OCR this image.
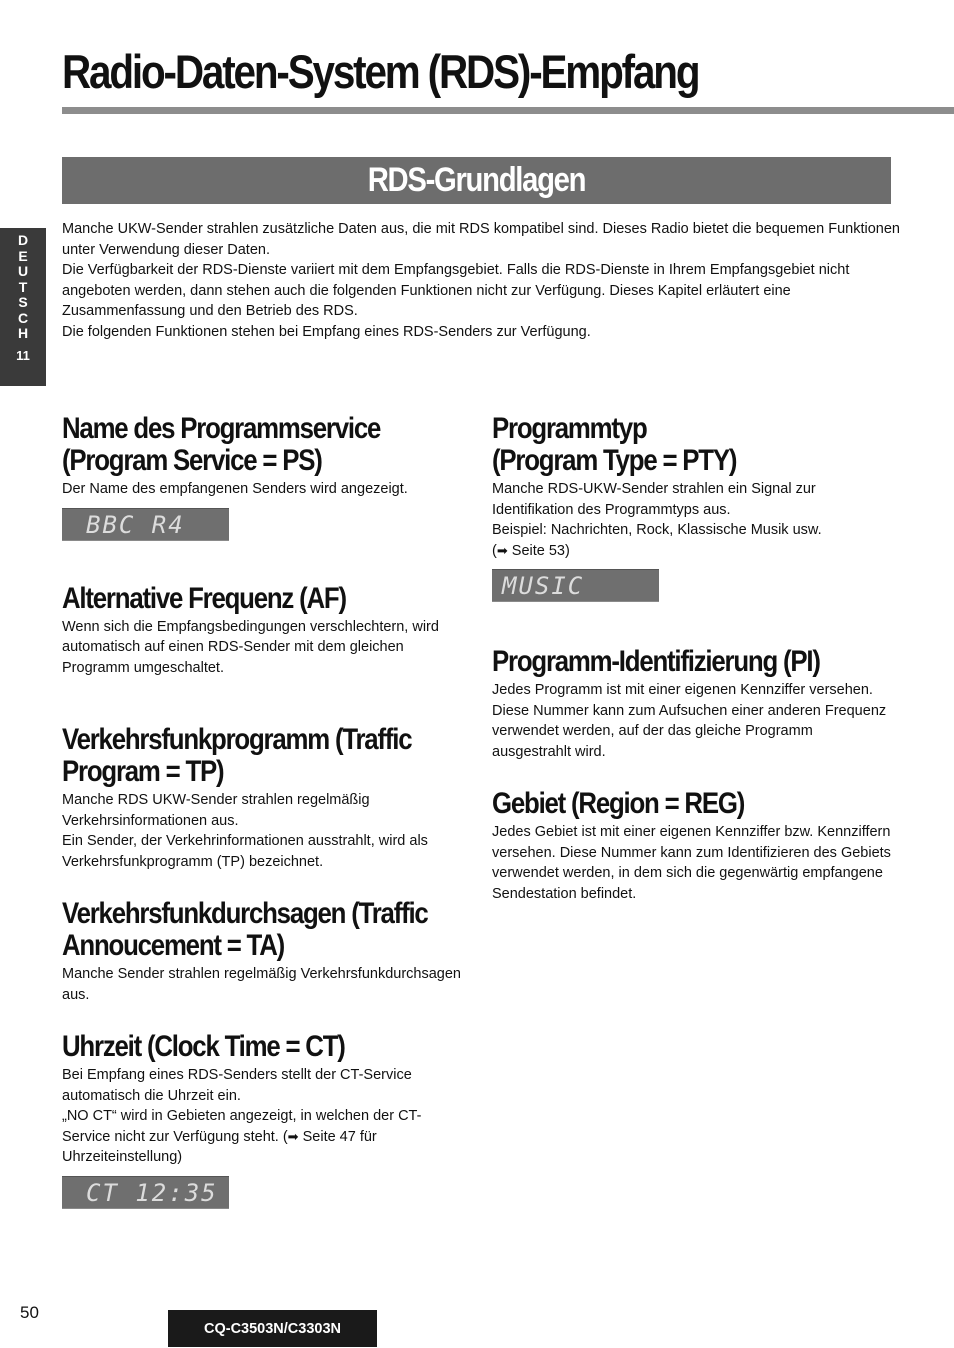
Radio-Daten-System (RDS)-Empfang
RDS-Grundlagen
D
E
U
T
S
C
H
11

Manche UKW-Sender strahlen zusätzliche Daten aus, die mit RDS kompatibel sind. Dieses Radio bietet die bequemen Funktionen unter Verwendung dieser Daten.

Die Verfügbarkeit der RDS-Dienste variiert mit dem Empfangsgebiet. Falls die RDS-Dienste in Ihrem Empfangsgebiet nicht angeboten werden, dann stehen auch die folgenden Funktionen nicht zur Verfügung. Dieses Kapitel erläutert eine Zusammenfassung und den Betrieb des RDS.

Die folgenden Funktionen stehen bei Empfang eines RDS-Senders zur Verfügung.

Name des Programmservice (Program Service = PS)

Der Name des empfangenen Senders wird angezeigt.

BBC R4
Alternative Frequenz (AF)

Wenn sich die Empfangsbedingungen verschlechtern, wird automatisch auf einen RDS-Sender mit dem gleichen Programm umgeschaltet.

Verkehrsfunkprogramm (Traffic Program = TP)

Manche RDS UKW-Sender strahlen regelmäßig Verkehrsinformationen aus.

Ein Sender, der Verkehrinformationen ausstrahlt, wird als Verkehrsfunkprogramm (TP) bezeichnet.

Verkehrsfunkdurchsagen (Traffic Annoucement = TA)

Manche Sender strahlen regelmäßig Verkehrsfunkdurchsagen aus.

Uhrzeit (Clock Time = CT)

Bei Empfang eines RDS-Senders stellt der CT-Service automatisch die Uhrzeit ein.

„NO CT“ wird in Gebieten angezeigt, in welchen der CT-Service nicht zur Verfügung steht. (➡ Seite 47 für Uhrzeiteinstellung)

CT 12:35
Programmtyp (Program Type = PTY)

Manche RDS-UKW-Sender strahlen ein Signal zur Identifikation des Programmtyps aus.

Beispiel: Nachrichten, Rock, Klassische Musik usw.

(➡ Seite 53)

MUSIC
Programm-Identifizierung (PI)

Jedes Programm ist mit einer eigenen Kennziffer versehen. Diese Nummer kann zum Aufsuchen einer anderen Frequenz verwendet werden, auf der das gleiche Programm ausgestrahlt wird.

Gebiet (Region = REG)

Jedes Gebiet ist mit einer eigenen Kennziffer bzw. Kennziffern versehen. Diese Nummer kann zum Identifizieren des Gebiets verwendet werden, in dem sich die gegenwärtig empfangene Sendestation befindet.

50
CQ-C3503N/C3303N
